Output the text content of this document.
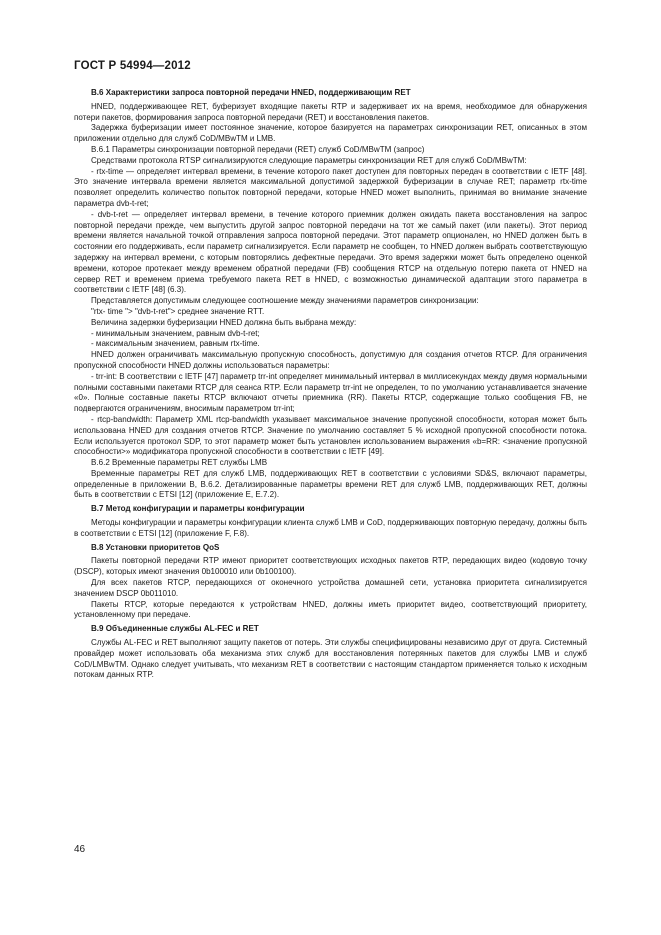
ГОСТ Р 54994—2012

В.6 Характеристики запроса повторной передачи HNED, поддерживающим RET

HNED, поддерживающее RET, буферизует входящие пакеты RTP и задерживает их на время, необходимое для обнаружения потери пакетов, формирования запроса повторной передачи (RET) и восстановления пакетов.

Задержка буферизации имеет постоянное значение, которое базируется на параметрах синхронизации RET, описанных в этом приложении отдельно для служб CoD/MBwTM и LMB.

В.6.1 Параметры синхронизации повторной передачи (RET) служб CoD/MBwTM (запрос)

Средствами протокола RTSP сигнализируются следующие параметры синхронизации RET для служб CoD/MBwTM:

- rtx-time — определяет интервал времени, в течение которого пакет доступен для повторных передач в соответствии с IETF [48]. Это значение интервала времени является максимальной допустимой задержкой буферизации в случае RET; параметр rtx-time позволяет определить количество попыток повторной передачи, которые HNED может выполнить, принимая во внимание значение параметра dvb-t-ret;

- dvb-t-ret — определяет интервал времени, в течение которого приемник должен ожидать пакета восстановления на запрос повторной передачи прежде, чем выпустить другой запрос повторной передачи на тот же самый пакет (или пакеты). Этот период времени является начальной точкой отправления запроса повторной передачи. Этот параметр опционален, но HNED должен быть в состоянии его поддерживать, если параметр сигнализируется. Если параметр не сообщен, то HNED должен выбрать соответствующую задержку на интервал времени, с которым повторялись дефектные передачи. Это время задержки может быть определено оценкой времени, которое протекает между временем обратной передачи (FB) сообщения RTCP на отдельную потерю пакета от HNED на сервер RET и временем приема требуемого пакета RET в HNED, с возможностью динамической адаптации этого параметра в соответствии с IETF [48] (6.3).

Представляется допустимым следующее соотношение между значениями параметров синхронизации:

"rtx- time "> "dvb-t-ret"> среднее значение RTT.

Величина задержки буферизации HNED должна быть выбрана между:

- минимальным значением, равным dvb-t-ret;

- максимальным значением, равным rtx-time.

HNED должен ограничивать максимальную пропускную способность, допустимую для создания отчетов RTCP. Для ограничения пропускной способности HNED должны использоваться параметры:

- trr-int: В соответствии с IETF [47] параметр trr-int определяет минимальный интервал в миллисекундах между двумя нормальными полными составными пакетами RTCP для сеанса RTP. Если параметр trr-int не определен, то по умолчанию устанавливается значение «0». Полные составные пакеты RTCP включают отчеты приемника (RR). Пакеты RTCP, содержащие только сообщения FB, не подвергаются ограничениям, вносимым параметром trr-int;

- rtcp-bandwidth: Параметр XML rtcp-bandwidth указывает максимальное значение пропускной способности, которая может быть использована HNED для создания отчетов RTCP. Значение по умолчанию составляет 5 % исходной пропускной способности потока. Если используется протокол SDP, то этот параметр может быть установлен использованием выражения «b=RR: <значение пропускной способности>» модификатора пропускной способности в соответствии с IETF [49].

В.6.2 Временные параметры RET службы LMB

Временные параметры RET для служб LMB, поддерживающих RET в соответствии с условиями SD&S, включают параметры, определенные в приложении В, В.6.2. Детализированные параметры времени RET для служб LMB, поддерживающих RET, должны быть в соответствии с ETSI [12] (приложение Е, Е.7.2).

В.7 Метод конфигурации и параметры конфигурации

Методы конфигурации и параметры конфигурации клиента служб LMB и CoD, поддерживающих повторную передачу, должны быть в соответствии с ETSI [12] (приложение F, F.8).

В.8 Установки приоритетов QoS

Пакеты повторной передачи RTP имеют приоритет соответствующих исходных пакетов RTP, передающих видео (кодовую точку (DSCP), которых имеют значения 0b100010 или 0b100100).

Для всех пакетов RTCP, передающихся от оконечного устройства домашней сети, установка приоритета сигнализируется значением DSCP 0b011010.

Пакеты RTCP, которые передаются к устройствам HNED, должны иметь приоритет видео, соответствующий приоритету, установленному при передаче.

В.9 Объединенные службы AL-FEC и RET

Службы AL-FEC и RET выполняют защиту пакетов от потерь. Эти службы специфицированы независимо друг от друга. Системный провайдер может использовать оба механизма этих служб для восстановления потерянных пакетов для службы LMB и служб CoD/LMBwTM. Однако следует учитывать, что механизм RET в соответствии с настоящим стандартом применяется только к исходным потокам данных RTP.

46
